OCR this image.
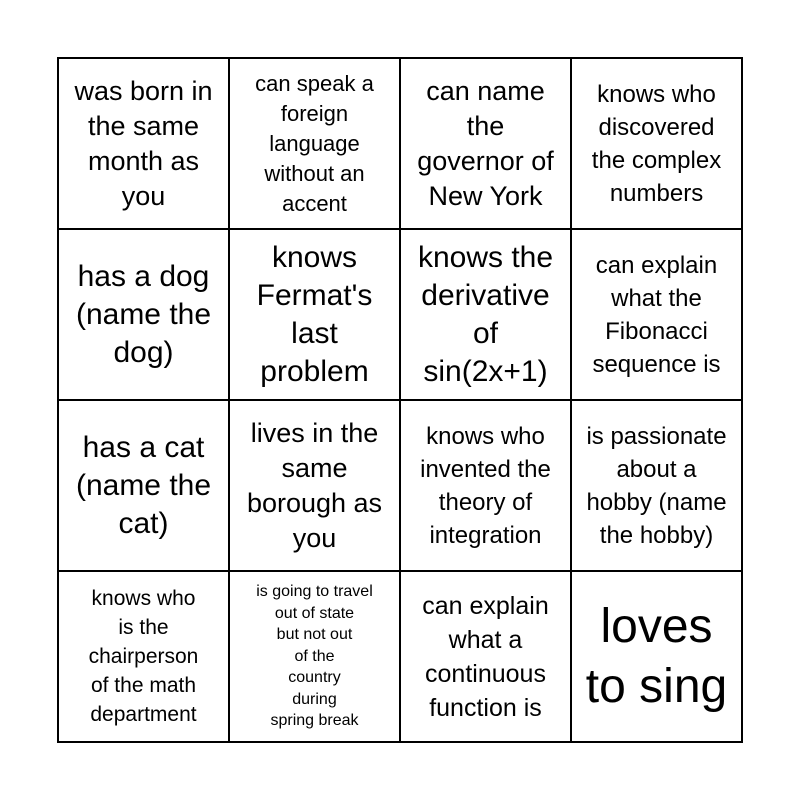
was born in
the same
month as
you
can speak a
foreign
language
without an
accent
can name
the
governor of
New York
knows who
discovered
the complex
numbers
has a dog
(name the
dog)
knows
Fermat's
last
problem
knows the
derivative
of
sin(2x+1)
can explain
what the
Fibonacci
sequence is
has a cat
(name the
cat)
lives in the
same
borough as
you
knows who
invented the
theory of
integration
is passionate
about a
hobby (name
the hobby)
knows who
is the
chairperson
of the math
department
is going to travel
out of state
but not out
of the
country
during
spring break
can explain
what a
continuous
function is
loves
to sing
